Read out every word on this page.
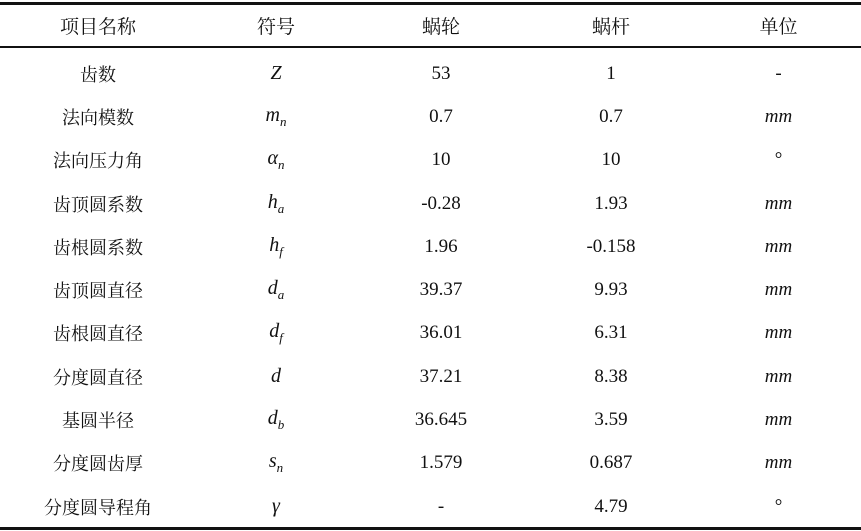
项目名称	符号	蜗轮	蜗杆	单位

齿数	Z	53	1	-
法向模数	$m_n$	0.7	0.7	mm
法向压力角	$\alpha_n$	10	10	°
齿顶圆系数	$h_a$	-0.28	1.93	mm
齿根圆系数	$h_f$	1.96	-0.158	mm
齿顶圆直径	$d_a$	39.37	9.93	mm
齿根圆直径	$d_f$	36.01	6.31	mm
分度圆直径	d	37.21	8.38	mm
基圆半径	$d_b$	36.645	3.59	mm
分度圆齿厚	$s_n$	1.579	0.687	mm
分度圆导程角	γ	-	4.79	°
